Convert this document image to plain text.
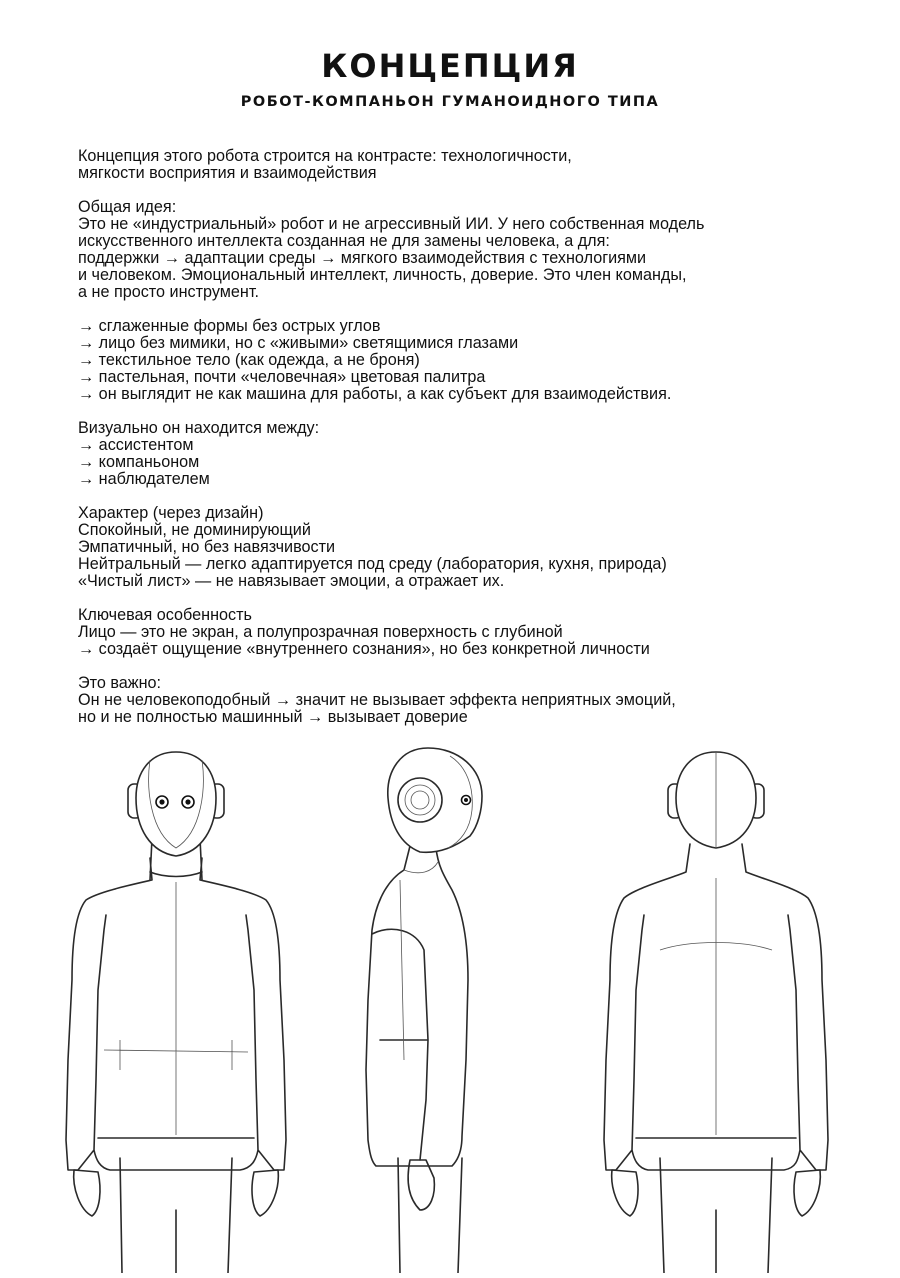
КОНЦЕПЦИЯ
РОБОТ-КОМПАНЬОН ГУМАНОИДНОГО ТИПА

Концепция этого робота строится на контрасте: технологичности,

мягкости восприятия и взаимодействия

Общая идея:

Это не «индустриальный» робот и не агрессивный ИИ. У него собственная модель

искусственного интеллекта созданная не для замены человека, а для:

поддержки → адаптации среды → мягкого взаимодействия с технологиями

и человеком. Эмоциональный интеллект, личность, доверие. Это член команды,

а не просто инструмент.

→ сглаженные формы без острых углов

→ лицо без мимики, но с «живыми» светящимися глазами

→ текстильное тело (как одежда, а не броня)

→ пастельная, почти «человечная» цветовая палитра

→ он выглядит не как машина для работы, а как субъект для взаимодействия.

Визуально он находится между:

→ ассистентом

→ компаньоном

→ наблюдателем

Характер (через дизайн)

Спокойный, не доминирующий

Эмпатичный, но без навязчивости

Нейтральный — легко адаптируется под среду (лаборатория, кухня, природа)

«Чистый лист» — не навязывает эмоции, а отражает их.

Ключевая особенность

Лицо — это не экран, а полупрозрачная поверхность с глубиной

→ создаёт ощущение «внутреннего сознания», но без конкретной личности

Это важно:

Он не человекоподобный → значит не вызывает эффекта неприятных эмоций,

но и не полностью машинный → вызывает доверие
